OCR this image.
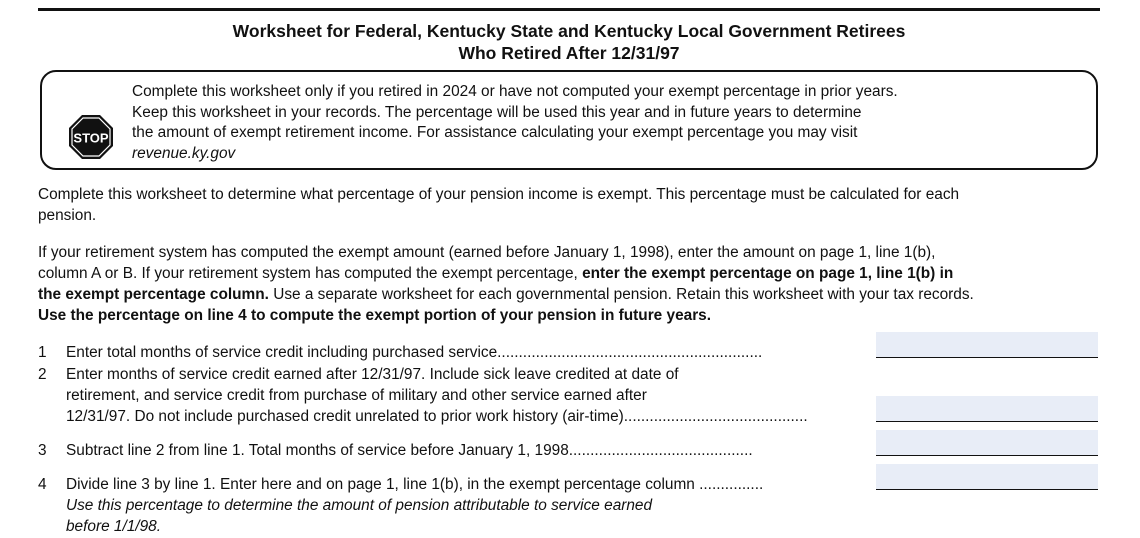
Worksheet for Federal, Kentucky State and Kentucky Local Government Retirees
Who Retired After 12/31/97
STOP
Complete this worksheet only if you retired in 2024 or have not computed your exempt percentage in prior years.
Keep this worksheet in your records. The percentage will be used this year and in future years to determine
the amount of exempt retirement income. For assistance calculating your exempt percentage you may visit
revenue.ky.gov
Complete this worksheet to determine what percentage of your pension income is exempt. This percentage must be calculated for each
pension.
If your retirement system has computed the exempt amount (earned before January 1, 1998), enter the amount on page 1, line 1(b),
column A or B. If your retirement system has computed the exempt percentage, enter the exempt percentage on page 1, line 1(b) in
the exempt percentage column. Use a separate worksheet for each governmental pension. Retain this worksheet with your tax records.
Use the percentage on line 4 to compute the exempt portion of your pension in future years.
1	Enter total months of service credit including purchased service..............................................................
2	Enter months of service credit earned after 12/31/97. Include sick leave credited at date of
retirement, and service credit from purchase of military and other service earned after
12/31/97. Do not include purchased credit unrelated to prior work history (air-time)...........................................
3	Subtract line 2 from line 1. Total months of service before January 1, 1998...........................................
4	Divide line 3 by line 1. Enter here and on page 1, line 1(b), in the exempt percentage column ...............
Use this percentage to determine the amount of pension attributable to service earned
before 1/1/98.
